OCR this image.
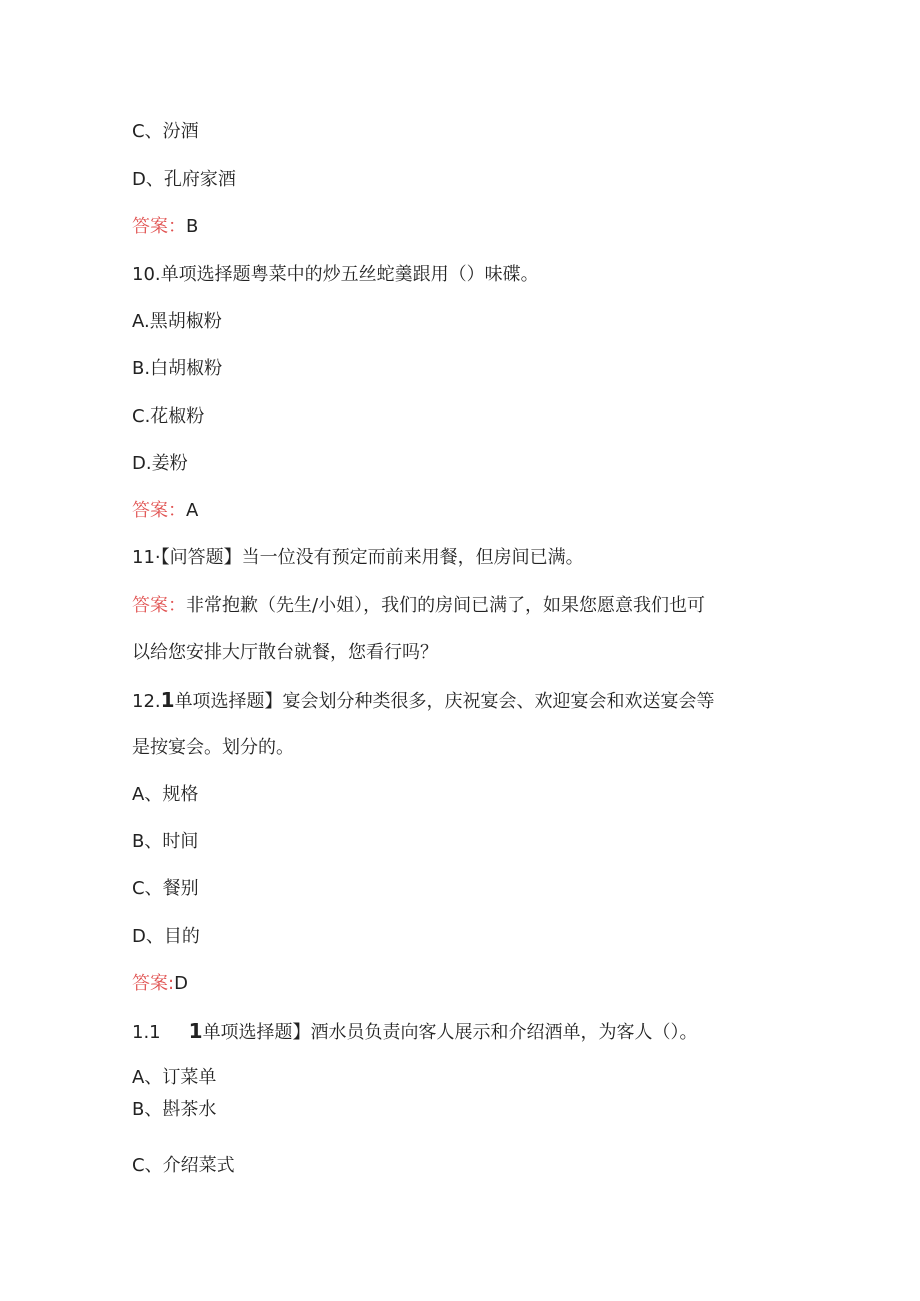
C、汾酒
D、孔府家酒
答案：B
10.单项选择题粤菜中的炒五丝蛇羹跟用（）味碟。
A.黑胡椒粉
B.白胡椒粉
C.花椒粉
D.姜粉
答案：A
11·【问答题】当一位没有预定而前来用餐，但房间已满。
答案：非常抱歉（先生/小姐），我们的房间已满了，如果您愿意我们也可
以给您安排大厅散台就餐，您看行吗？
12.1单项选择题】宴会划分种类很多，庆祝宴会、欢迎宴会和欢送宴会等
是按宴会。划分的。
A、规格
B、时间
C、餐别
D、目的
答案:D
1.1 1单项选择题】酒水员负责向客人展示和介绍酒单，为客人（）。
A、订菜单
B、斟茶水
C、介绍菜式
